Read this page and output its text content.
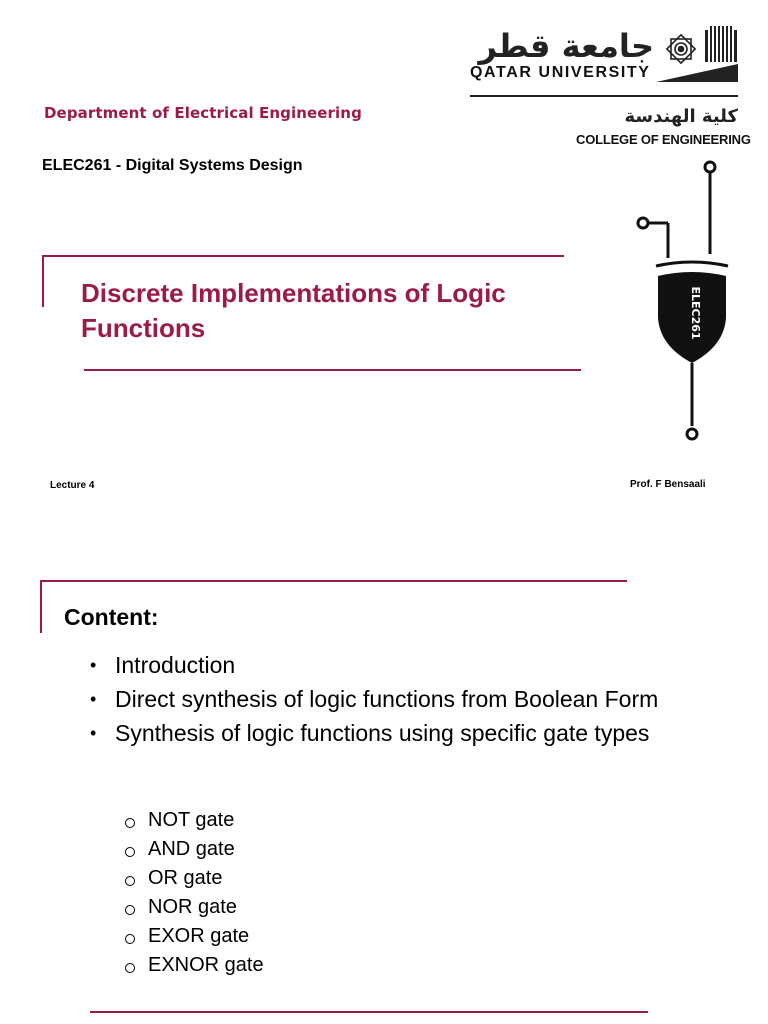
Department of Electrical Engineering
ELEC261 - Digital Systems Design
جامعة قطر
QATAR UNIVERSITY
كلية الهندسة
COLLEGE OF ENGINEERING
ELEC261
Discrete Implementations of Logic Functions
Lecture 4	Prof. F Bensaali
Content:
• Introduction
• Direct synthesis of logic functions from Boolean Form
• Synthesis of logic functions using specific gate types
NOT gate
AND gate
OR gate
NOR gate
EXOR gate
EXNOR gate
